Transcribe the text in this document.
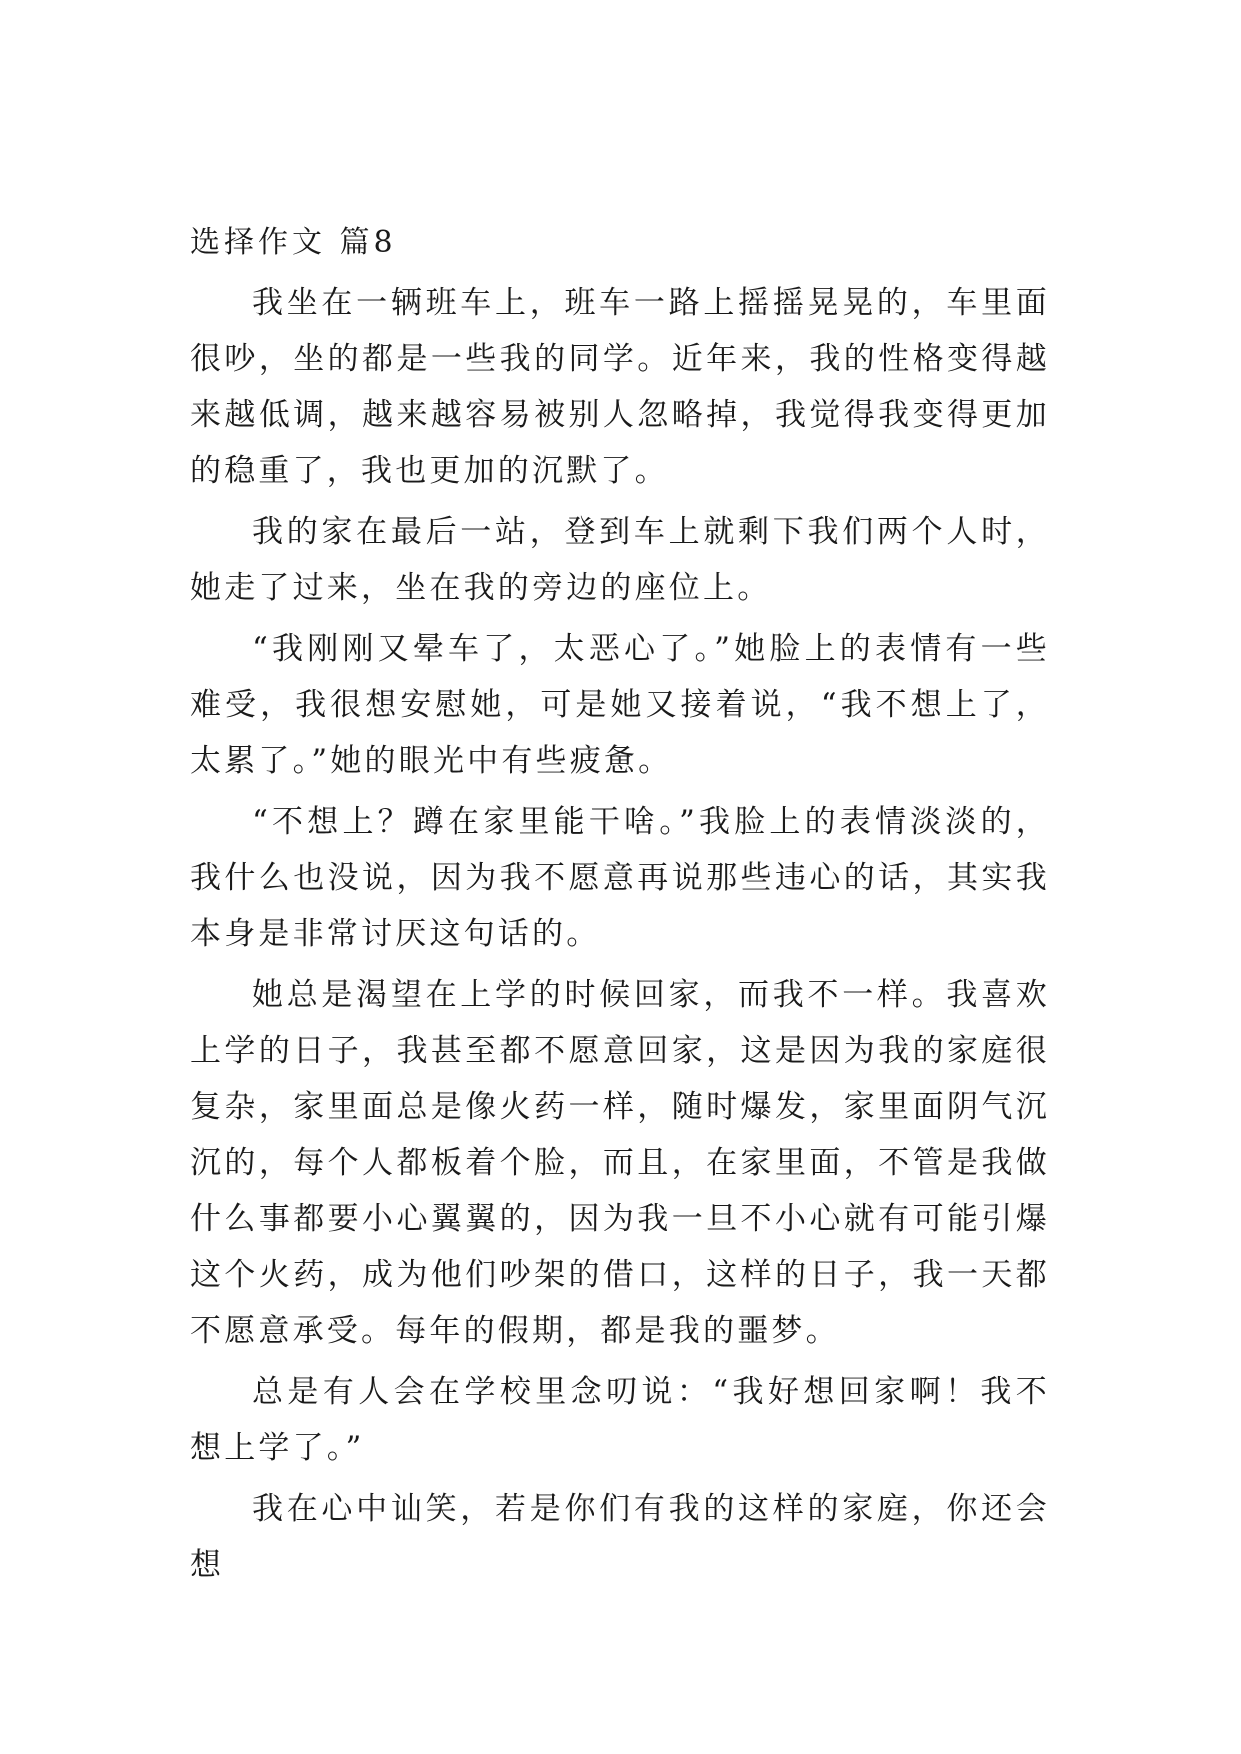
选择作文 篇8

我坐在一辆班车上，班车一路上摇摇晃晃的，车里面很吵，坐的都是一些我的同学。近年来，我的性格变得越来越低调，越来越容易被别人忽略掉，我觉得我变得更加的稳重了，我也更加的沉默了。

我的家在最后一站，登到车上就剩下我们两个人时，她走了过来，坐在我的旁边的座位上。

“我刚刚又晕车了，太恶心了。”她脸上的表情有一些难受，我很想安慰她，可是她又接着说，“我不想上了，太累了。”她的眼光中有些疲惫。

“不想上？蹲在家里能干啥。”我脸上的表情淡淡的，我什么也没说，因为我不愿意再说那些违心的话，其实我本身是非常讨厌这句话的。

她总是渴望在上学的时候回家，而我不一样。我喜欢上学的日子，我甚至都不愿意回家，这是因为我的家庭很复杂，家里面总是像火药一样，随时爆发，家里面阴气沉沉的，每个人都板着个脸，而且，在家里面，不管是我做什么事都要小心翼翼的，因为我一旦不小心就有可能引爆这个火药，成为他们吵架的借口，这样的日子，我一天都不愿意承受。每年的假期，都是我的噩梦。

总是有人会在学校里念叨说：“我好想回家啊！我不想上学了。”

我在心中讪笑，若是你们有我的这样的家庭，你还会想
